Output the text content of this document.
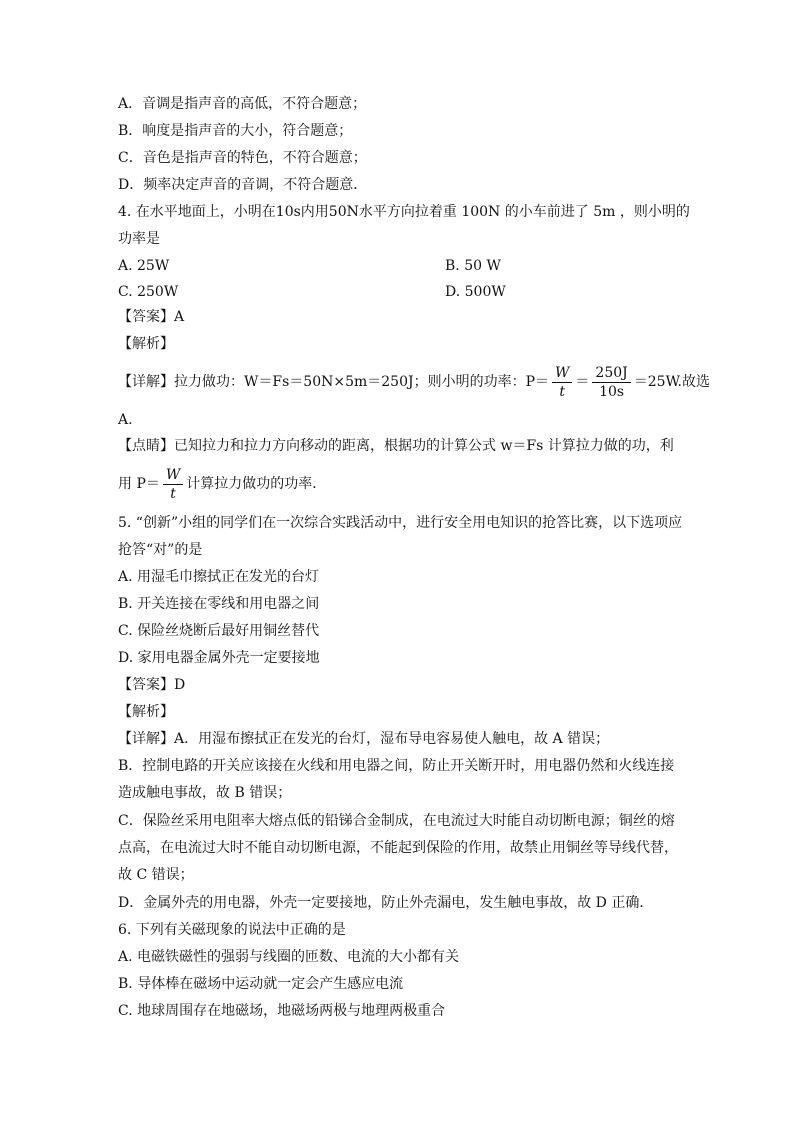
A．音调是指声音的高低，不符合题意；
B．响度是指声音的大小，符合题意；
C．音色是指声音的特色，不符合题意；
D．频率决定声音的音调，不符合题意．
4. 在水平地面上，小明在10s内用50N水平方向拉着重 100N 的小车前进了 5m ，则小明的
功率是
A. 25W	B. 50 W
C. 250W	D. 500W
【答案】A
【解析】
【详解】拉力做功：W＝Fs＝50N×5m＝250J；则小明的功率：$P= \frac{W}{t} = \frac{250J}{10s} =25W$.故选
A.
【点睛】已知拉力和拉力方向移动的距离，根据功的计算公式 w＝Fs 计算拉力做的功，利
用 $P= \frac{W}{t}$ 计算拉力做功的功率．
5. “创新”小组的同学们在一次综合实践活动中，进行安全用电知识的抢答比赛，以下选项应
抢答“对”的是
A. 用湿毛巾擦拭正在发光的台灯
B. 开关连接在零线和用电器之间
C. 保险丝烧断后最好用铜丝替代
D. 家用电器金属外壳一定要接地
【答案】D
【解析】
【详解】A．用湿布擦拭正在发光的台灯，湿布导电容易使人触电，故 A 错误；
B．控制电路的开关应该接在火线和用电器之间，防止开关断开时，用电器仍然和火线连接
造成触电事故，故 B 错误；
C．保险丝采用电阻率大熔点低的铅锑合金制成，在电流过大时能自动切断电源；铜丝的熔
点高，在电流过大时不能自动切断电源，不能起到保险的作用，故禁止用铜丝等导线代替，
故 C 错误；
D．金属外壳的用电器，外壳一定要接地，防止外壳漏电，发生触电事故，故 D 正确．
6. 下列有关磁现象的说法中正确的是
A. 电磁铁磁性的强弱与线圈的匝数、电流的大小都有关
B. 导体棒在磁场中运动就一定会产生感应电流
C. 地球周围存在地磁场，地磁场两极与地理两极重合
